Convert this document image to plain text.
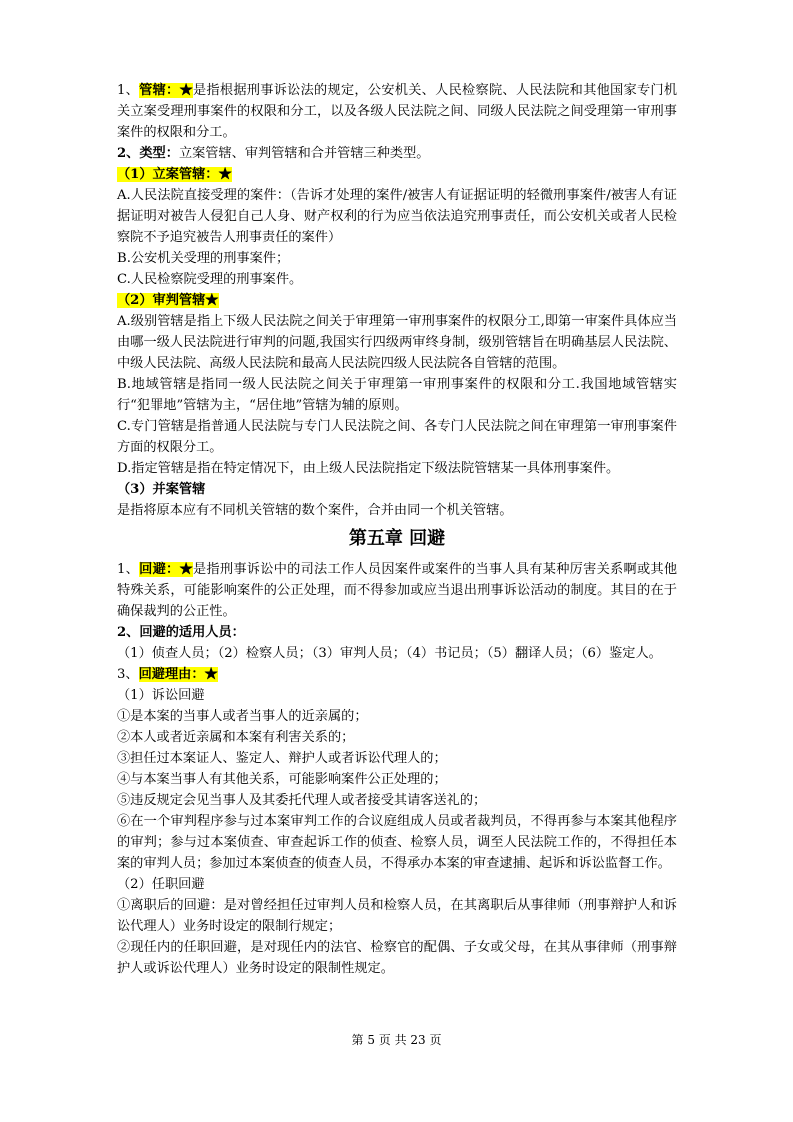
1、管辖：★是指根据刑事诉讼法的规定，公安机关、人民检察院、人民法院和其他国家专门机关立案受理刑事案件的权限和分工，以及各级人民法院之间、同级人民法院之间受理第一审刑事案件的权限和分工。

2、类型：立案管辖、审判管辖和合并管辖三种类型。

（1）立案管辖：★

A.人民法院直接受理的案件：（告诉才处理的案件/被害人有证据证明的轻微刑事案件/被害人有证据证明对被告人侵犯自己人身、财产权利的行为应当依法追究刑事责任，而公安机关或者人民检察院不予追究被告人刑事责任的案件）

B.公安机关受理的刑事案件；

C.人民检察院受理的刑事案件。

（2）审判管辖★

A.级别管辖是指上下级人民法院之间关于审理第一审刑事案件的权限分工,即第一审案件具体应当由哪一级人民法院进行审判的问题,我国实行四级两审终身制，级别管辖旨在明确基层人民法院、中级人民法院、高级人民法院和最高人民法院四级人民法院各自管辖的范围。

B.地域管辖是指同一级人民法院之间关于审理第一审刑事案件的权限和分工.我国地域管辖实行“犯罪地”管辖为主，“居住地”管辖为辅的原则。

C.专门管辖是指普通人民法院与专门人民法院之间、各专门人民法院之间在审理第一审刑事案件方面的权限分工。

D.指定管辖是指在特定情况下，由上级人民法院指定下级法院管辖某一具体刑事案件。

（3）并案管辖

是指将原本应有不同机关管辖的数个案件，合并由同一个机关管辖。

第五章 回避

1、回避：★是指刑事诉讼中的司法工作人员因案件或案件的当事人具有某种厉害关系啊或其他特殊关系，可能影响案件的公正处理，而不得参加或应当退出刑事诉讼活动的制度。其目的在于确保裁判的公正性。

2、回避的适用人员：

（1）侦查人员；（2）检察人员；（3）审判人员；（4）书记员；（5）翻译人员；（6）鉴定人。

3、回避理由：★

（1）诉讼回避

①是本案的当事人或者当事人的近亲属的；

②本人或者近亲属和本案有利害关系的；

③担任过本案证人、鉴定人、辩护人或者诉讼代理人的；

④与本案当事人有其他关系，可能影响案件公正处理的；

⑤违反规定会见当事人及其委托代理人或者接受其请客送礼的；

⑥在一个审判程序参与过本案审判工作的合议庭组成人员或者裁判员，不得再参与本案其他程序的审判；参与过本案侦查、审查起诉工作的侦查、检察人员，调至人民法院工作的，不得担任本案的审判人员；参加过本案侦查的侦查人员，不得承办本案的审查逮捕、起诉和诉讼监督工作。

（2）任职回避

①离职后的回避：是对曾经担任过审判人员和检察人员，在其离职后从事律师（刑事辩护人和诉讼代理人）业务时设定的限制行规定；

②现任内的任职回避，是对现任内的法官、检察官的配偶、子女或父母，在其从事律师（刑事辩护人或诉讼代理人）业务时设定的限制性规定。

第 5 页 共 23 页
